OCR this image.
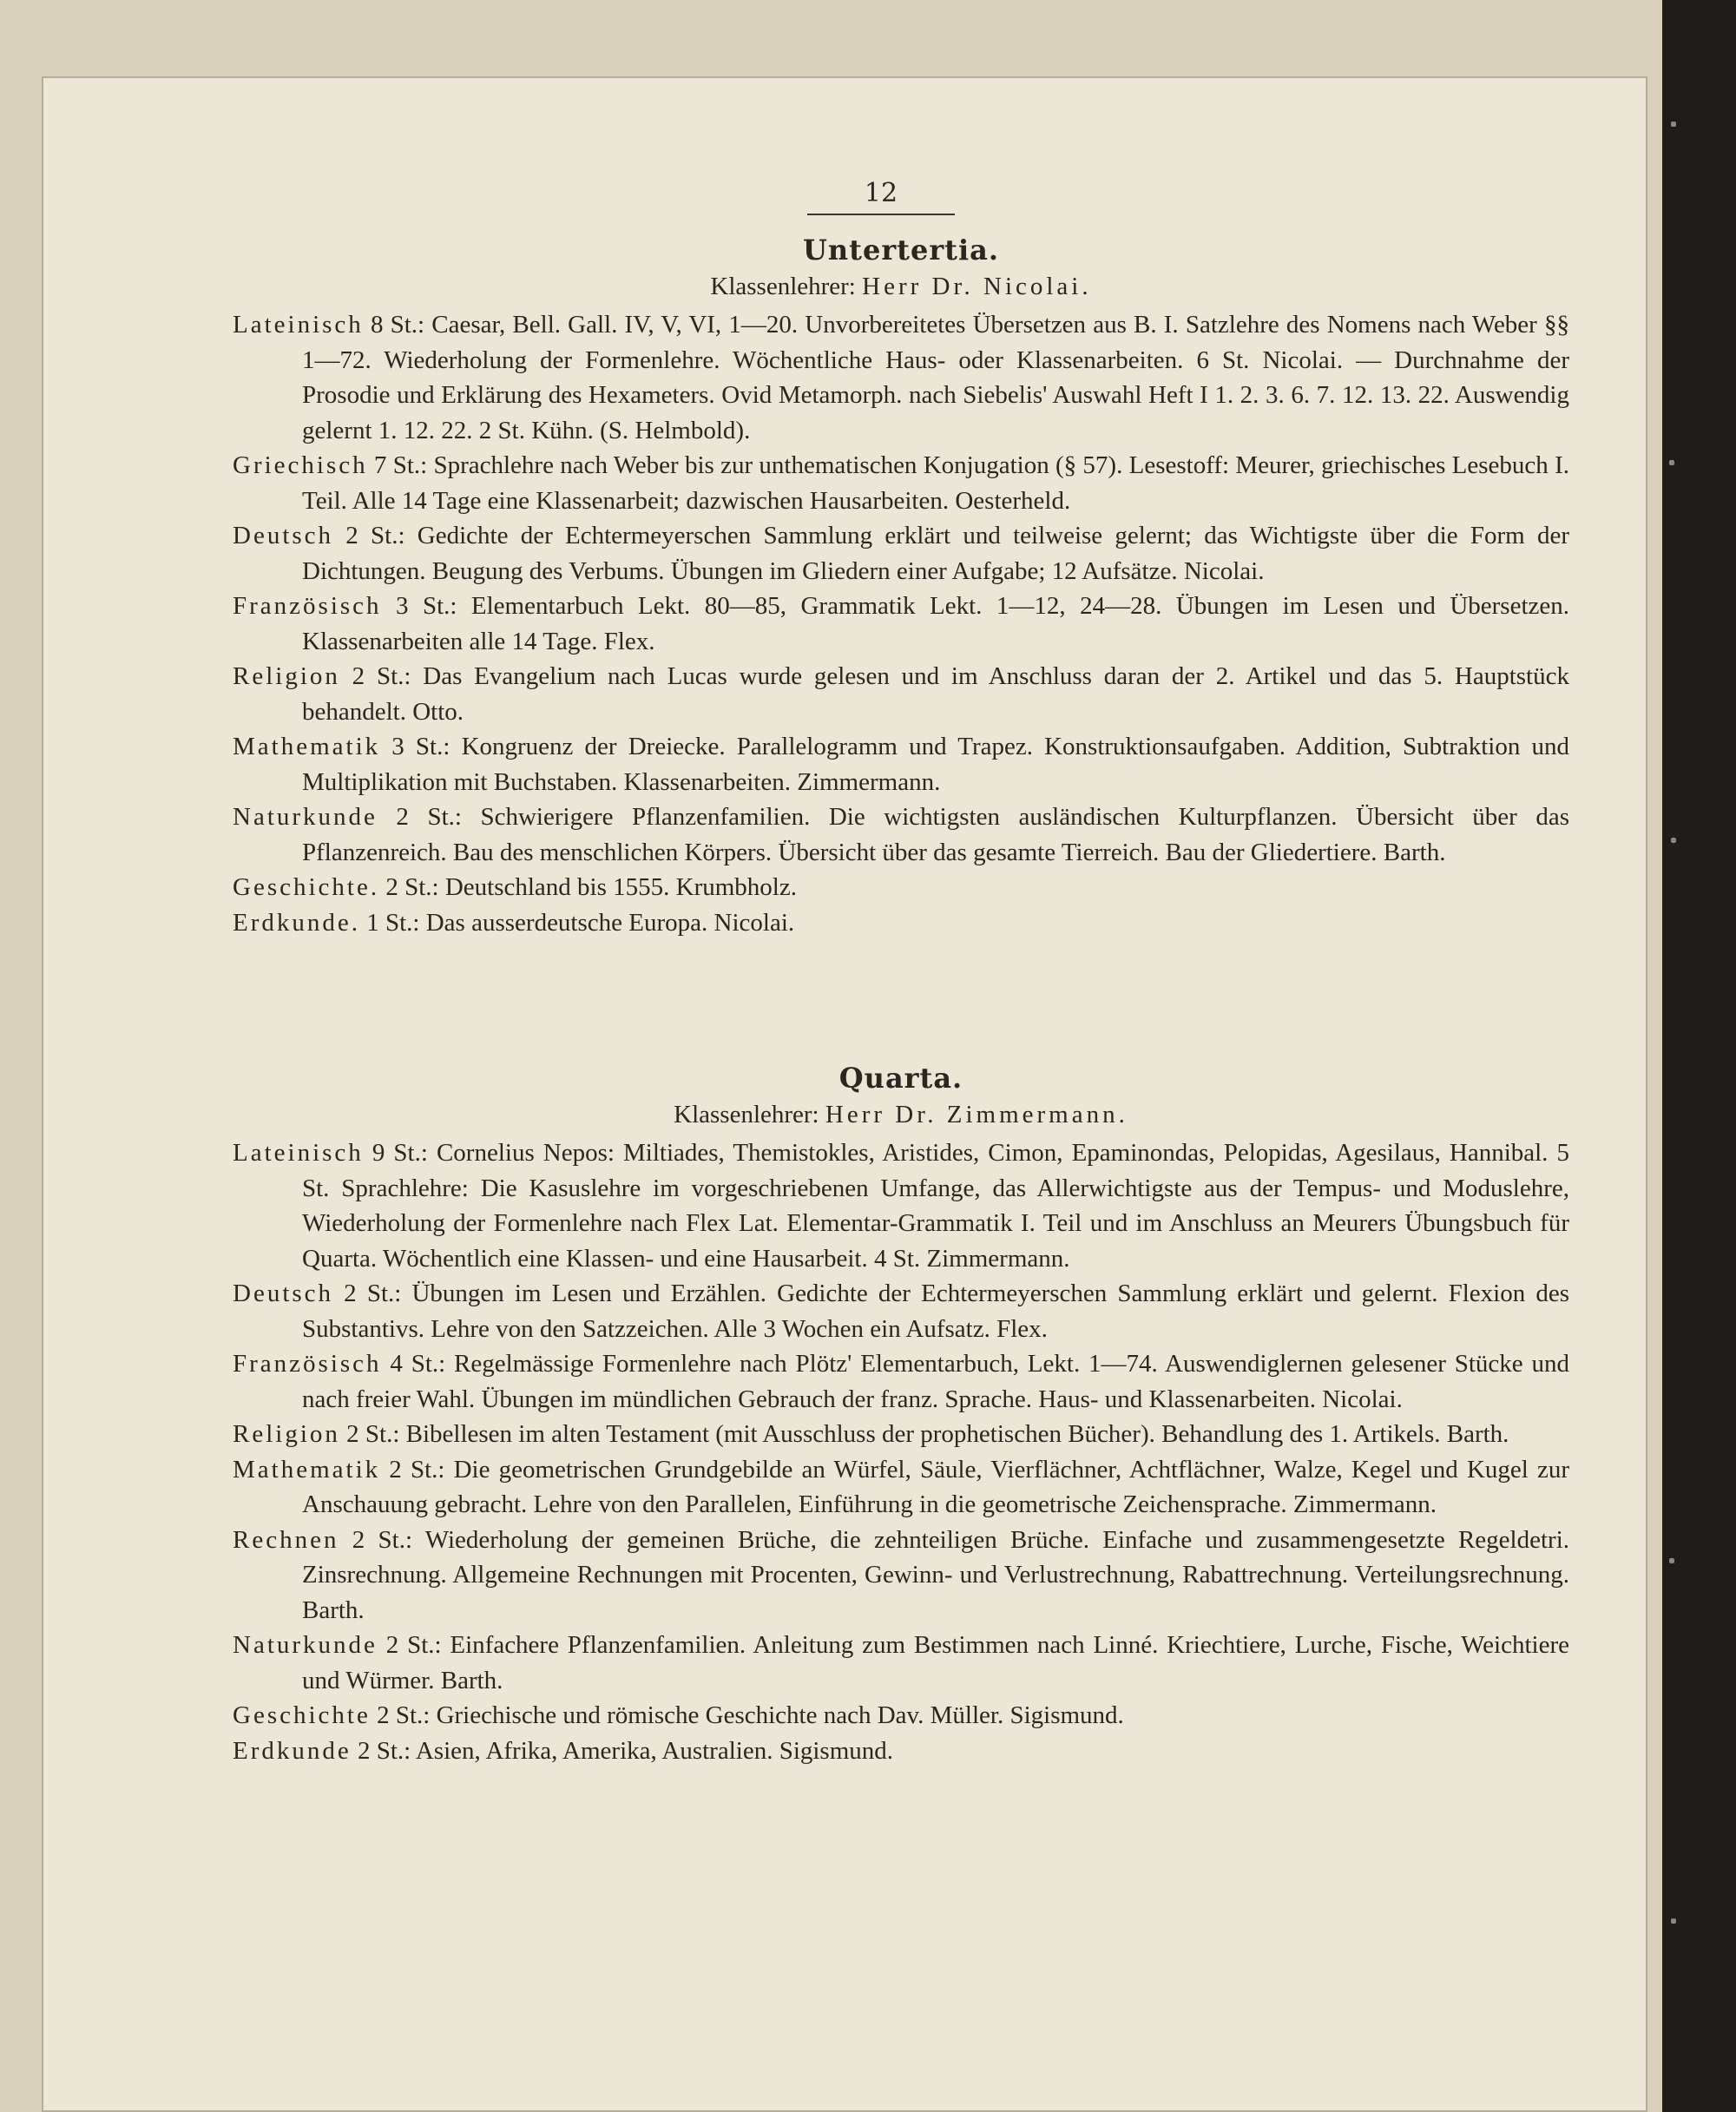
12
Untertertia.
Klassenlehrer: Herr Dr. Nicolai.
Lateinisch 8 St.: Caesar, Bell. Gall. IV, V, VI, 1—20. Unvorbereitetes Übersetzen aus B. I. Satzlehre des Nomens nach Weber §§ 1—72. Wiederholung der Formenlehre. Wöchentliche Haus- oder Klassenarbeiten. 6 St. Nicolai. — Durchnahme der Prosodie und Erklärung des Hexameters. Ovid Metamorph. nach Siebelis' Auswahl Heft I 1. 2. 3. 6. 7. 12. 13. 22. Auswendig gelernt 1. 12. 22. 2 St. Kühn. (S. Helmbold).
Griechisch 7 St.: Sprachlehre nach Weber bis zur unthematischen Konjugation (§ 57). Lesestoff: Meurer, griechisches Lesebuch I. Teil. Alle 14 Tage eine Klassenarbeit; dazwischen Hausarbeiten. Oesterheld.
Deutsch 2 St.: Gedichte der Echtermeyerschen Sammlung erklärt und teilweise gelernt; das Wichtigste über die Form der Dichtungen. Beugung des Verbums. Übungen im Gliedern einer Aufgabe; 12 Aufsätze. Nicolai.
Französisch 3 St.: Elementarbuch Lekt. 80—85, Grammatik Lekt. 1—12, 24—28. Übungen im Lesen und Übersetzen. Klassenarbeiten alle 14 Tage. Flex.
Religion 2 St.: Das Evangelium nach Lucas wurde gelesen und im Anschluss daran der 2. Artikel und das 5. Hauptstück behandelt. Otto.
Mathematik 3 St.: Kongruenz der Dreiecke. Parallelogramm und Trapez. Konstruktionsaufgaben. Addition, Subtraktion und Multiplikation mit Buchstaben. Klassenarbeiten. Zimmermann.
Naturkunde 2 St.: Schwierigere Pflanzenfamilien. Die wichtigsten ausländischen Kulturpflanzen. Übersicht über das Pflanzenreich. Bau des menschlichen Körpers. Übersicht über das gesamte Tierreich. Bau der Gliedertiere. Barth.
Geschichte. 2 St.: Deutschland bis 1555. Krumbholz.
Erdkunde. 1 St.: Das ausserdeutsche Europa. Nicolai.
Quarta.
Klassenlehrer: Herr Dr. Zimmermann.
Lateinisch 9 St.: Cornelius Nepos: Miltiades, Themistokles, Aristides, Cimon, Epaminondas, Pelopidas, Agesilaus, Hannibal. 5 St. Sprachlehre: Die Kasuslehre im vorgeschriebenen Umfange, das Allerwichtigste aus der Tempus- und Moduslehre, Wiederholung der Formenlehre nach Flex Lat. Elementar-Grammatik I. Teil und im Anschluss an Meurers Übungsbuch für Quarta. Wöchentlich eine Klassen- und eine Hausarbeit. 4 St. Zimmermann.
Deutsch 2 St.: Übungen im Lesen und Erzählen. Gedichte der Echtermeyerschen Sammlung erklärt und gelernt. Flexion des Substantivs. Lehre von den Satzzeichen. Alle 3 Wochen ein Aufsatz. Flex.
Französisch 4 St.: Regelmässige Formenlehre nach Plötz' Elementarbuch, Lekt. 1—74. Auswendiglernen gelesener Stücke und nach freier Wahl. Übungen im mündlichen Gebrauch der franz. Sprache. Haus- und Klassenarbeiten. Nicolai.
Religion 2 St.: Bibellesen im alten Testament (mit Ausschluss der prophetischen Bücher). Behandlung des 1. Artikels. Barth.
Mathematik 2 St.: Die geometrischen Grundgebilde an Würfel, Säule, Vierflächner, Achtflächner, Walze, Kegel und Kugel zur Anschauung gebracht. Lehre von den Parallelen, Einführung in die geometrische Zeichensprache. Zimmermann.
Rechnen 2 St.: Wiederholung der gemeinen Brüche, die zehnteiligen Brüche. Einfache und zusammengesetzte Regeldetri. Zinsrechnung. Allgemeine Rechnungen mit Procenten, Gewinn- und Verlustrechnung, Rabattrechnung. Verteilungsrechnung. Barth.
Naturkunde 2 St.: Einfachere Pflanzenfamilien. Anleitung zum Bestimmen nach Linné. Kriechtiere, Lurche, Fische, Weichtiere und Würmer. Barth.
Geschichte 2 St.: Griechische und römische Geschichte nach Dav. Müller. Sigismund.
Erdkunde 2 St.: Asien, Afrika, Amerika, Australien. Sigismund.
